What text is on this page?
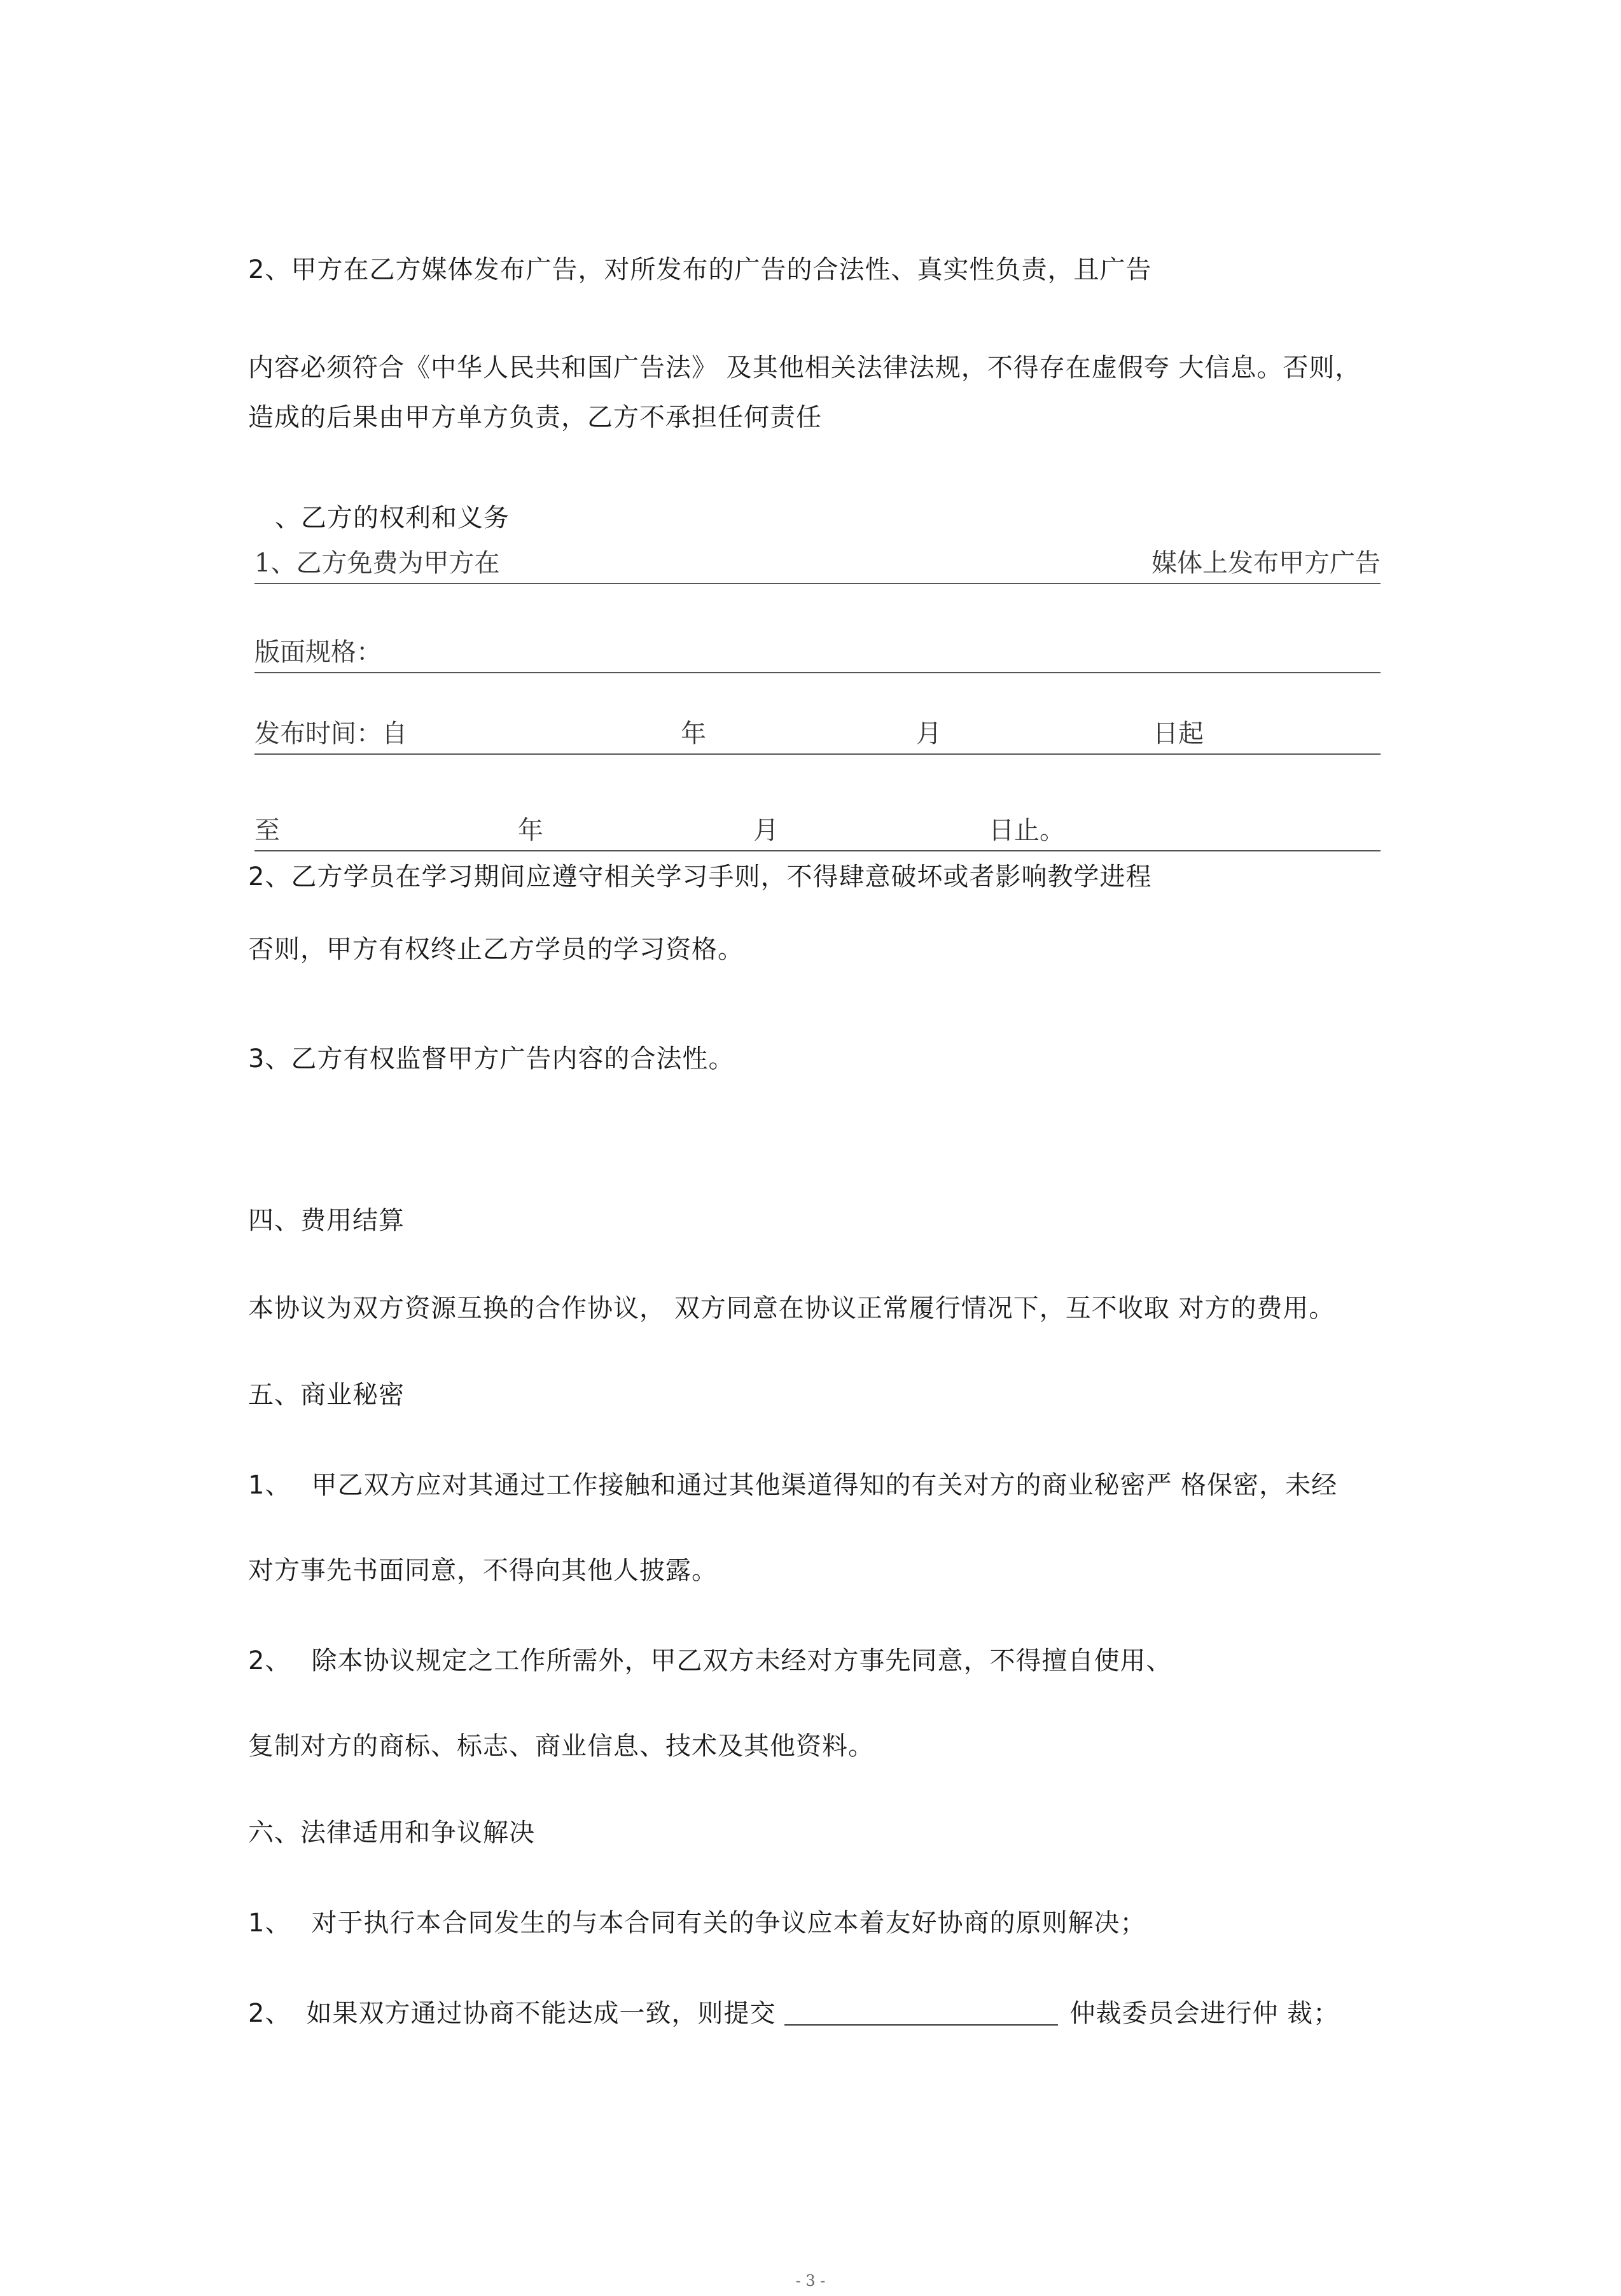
2、甲方在乙方媒体发布广告，对所发布的广告的合法性、真实性负责，且广告
内容必须符合《中华人民共和国广告法》 及其他相关法律法规，不得存在虚假夸 大信息。否则，
造成的后果由甲方单方负责，乙方不承担任何责任
、乙方的权利和义务
1、乙方免费为甲方在	媒体上发布甲方广告
版面规格：
发布时间：自	年	月	日起
至	年	月	日止。
2、乙方学员在学习期间应遵守相关学习手则，不得肆意破坏或者影响教学进程
否则，甲方有权终止乙方学员的学习资格。
3、乙方有权监督甲方广告内容的合法性。
四、费用结算
本协议为双方资源互换的合作协议， 双方同意在协议正常履行情况下，互不收取 对方的费用。
五、商业秘密
1、 甲乙双方应对其通过工作接触和通过其他渠道得知的有关对方的商业秘密严 格保密，未经
对方事先书面同意，不得向其他人披露。
2、 除本协议规定之工作所需外，甲乙双方未经对方事先同意，不得擅自使用、
复制对方的商标、标志、商业信息、技术及其他资料。
六、法律适用和争议解决
1、 对于执行本合同发生的与本合同有关的争议应本着友好协商的原则解决；
2、 如果双方通过协商不能达成一致，则提交	仲裁委员会进行仲 裁；
- 3 -
